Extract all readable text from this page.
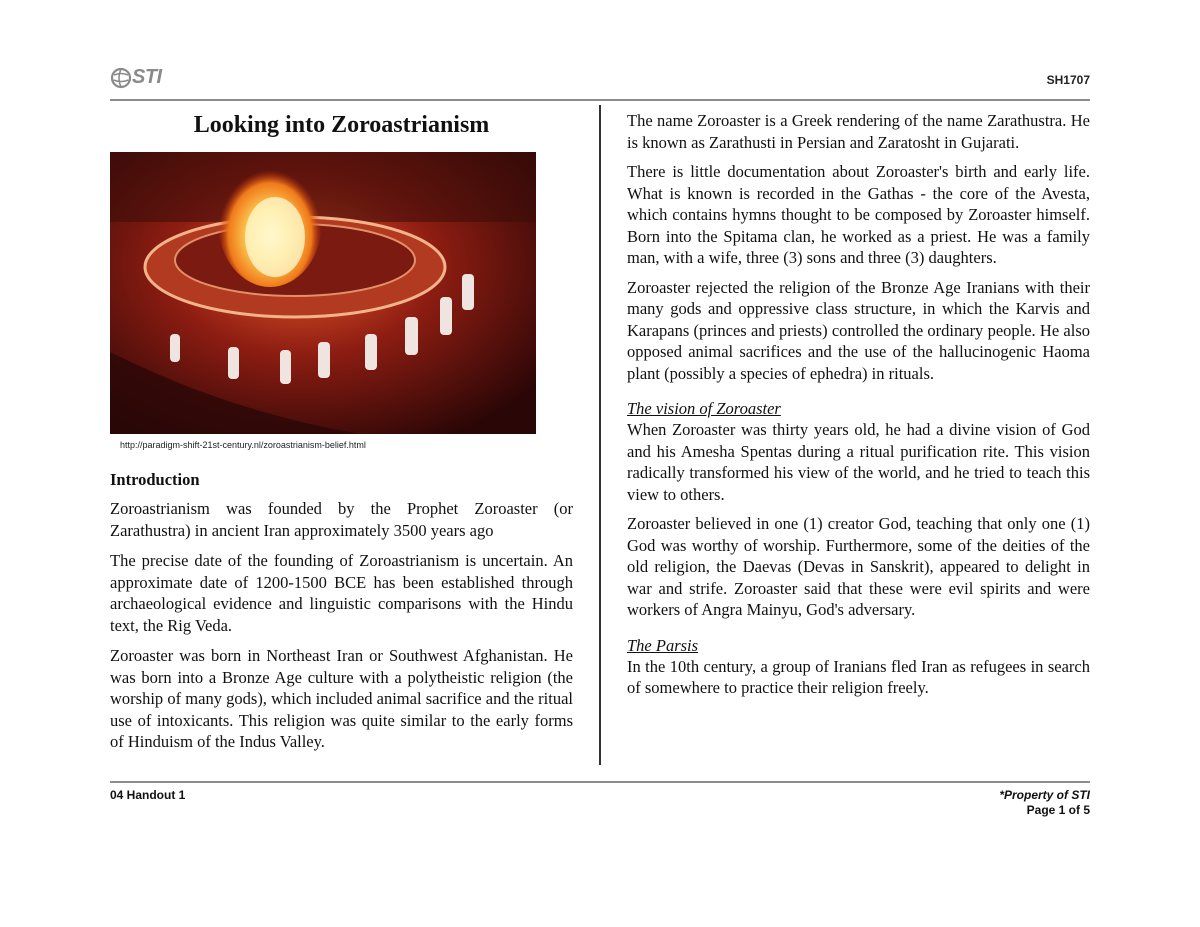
STI	SH1707
Looking into Zoroastrianism
http://paradigm-shift-21st-century.nl/zoroastrianism-belief.html
Introduction

Zoroastrianism was founded by the Prophet Zoroaster (or Zarathustra) in ancient Iran approximately 3500 years ago

The precise date of the founding of Zoroastrianism is uncertain. An approximate date of 1200-1500 BCE has been established through archaeological evidence and linguistic comparisons with the Hindu text, the Rig Veda.

Zoroaster was born in Northeast Iran or Southwest Afghanistan. He was born into a Bronze Age culture with a polytheistic religion (the worship of many gods), which included animal sacrifice and the ritual use of intoxicants. This religion was quite similar to the early forms of Hinduism of the Indus Valley.

The name Zoroaster is a Greek rendering of the name Zarathustra. He is known as Zarathusti in Persian and Zaratosht in Gujarati.

There is little documentation about Zoroaster's birth and early life. What is known is recorded in the Gathas - the core of the Avesta, which contains hymns thought to be composed by Zoroaster himself. Born into the Spitama clan, he worked as a priest. He was a family man, with a wife, three (3) sons and three (3) daughters.

Zoroaster rejected the religion of the Bronze Age Iranians with their many gods and oppressive class structure, in which the Karvis and Karapans (princes and priests) controlled the ordinary people. He also opposed animal sacrifices and the use of the hallucinogenic Haoma plant (possibly a species of ephedra) in rituals.

The vision of Zoroaster

When Zoroaster was thirty years old, he had a divine vision of God and his Amesha Spentas during a ritual purification rite. This vision radically transformed his view of the world, and he tried to teach this view to others.

Zoroaster believed in one (1) creator God, teaching that only one (1) God was worthy of worship. Furthermore, some of the deities of the old religion, the Daevas (Devas in Sanskrit), appeared to delight in war and strife. Zoroaster said that these were evil spirits and were workers of Angra Mainyu, God's adversary.

The Parsis

In the 10th century, a group of Iranians fled Iran as refugees in search of somewhere to practice their religion freely.

04 Handout 1	*Property of STI
Page 1 of 5
